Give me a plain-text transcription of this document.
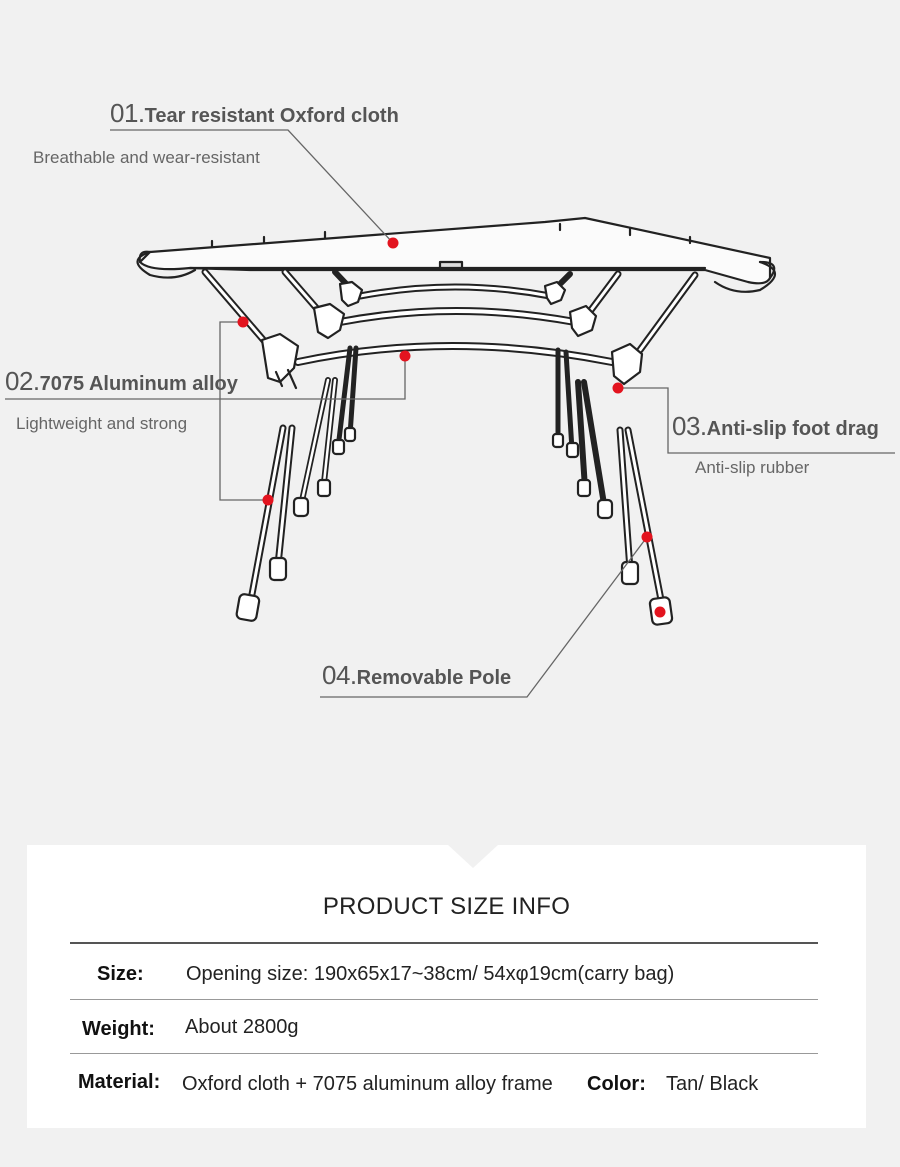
01.Tear resistant Oxford cloth
Breathable and wear-resistant
02.7075 Aluminum alloy
Lightweight and strong	03.Anti-slip foot drag
Anti-slip rubber
04.Removable Pole
PRODUCT SIZE INFO
Size: Opening size: 190x65x17~38cm/ 54xφ19cm(carry bag)
Weight: About 2800g
Material: Oxford cloth + 7075 aluminum alloy frame Color: Tan/ Black
